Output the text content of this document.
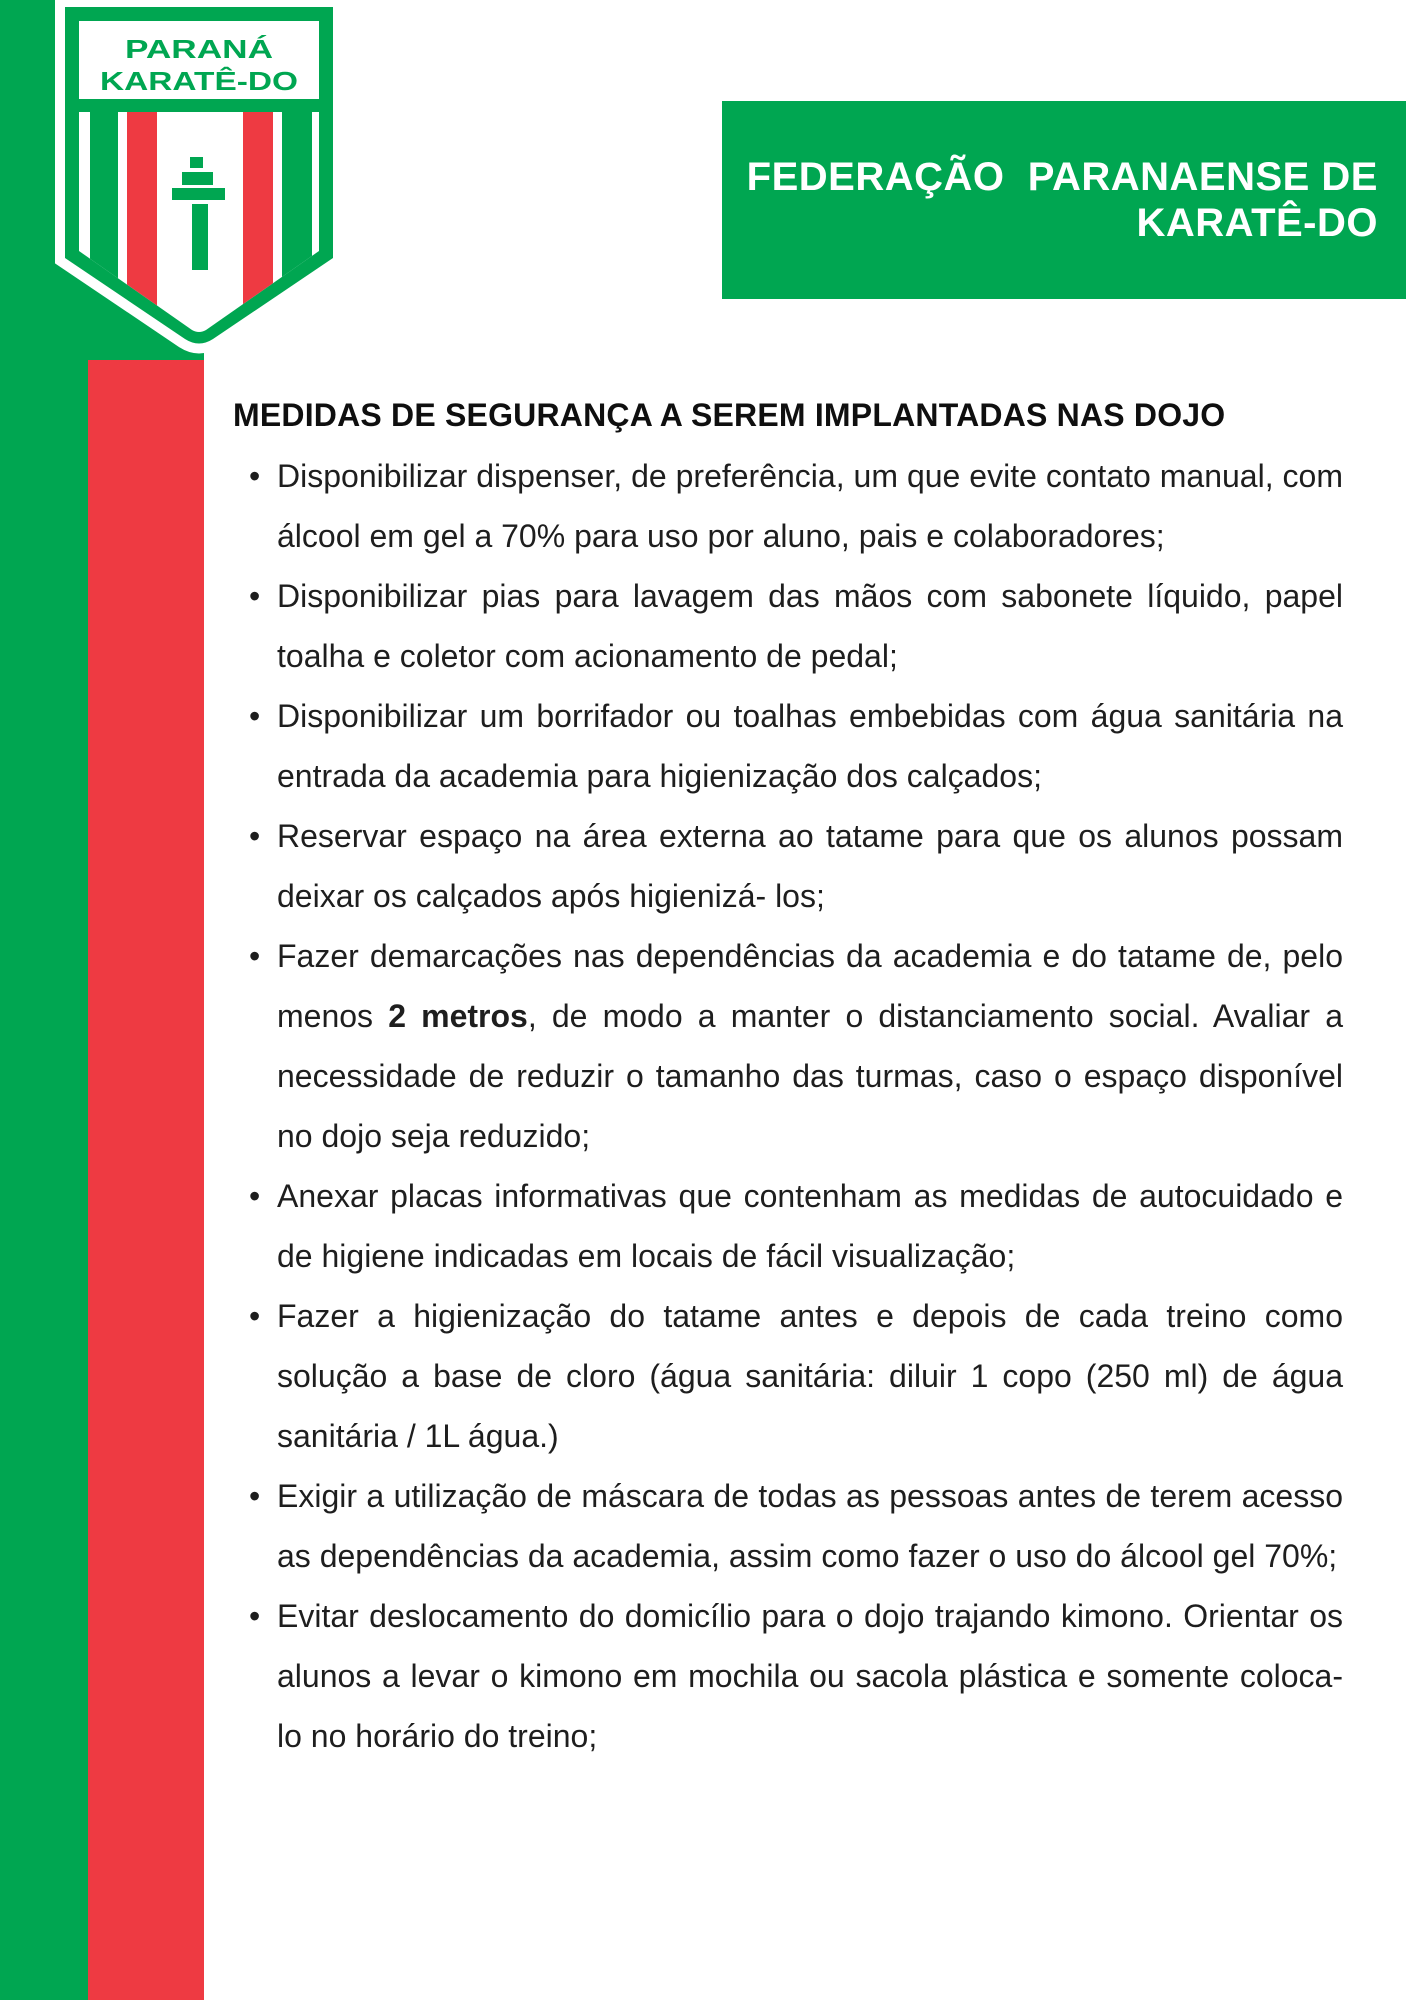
PARANÁ
KARATÊ-DO
FEDERAÇÃO  PARANAENSE DE
KARATÊ-DO
MEDIDAS DE SEGURANÇA A SEREM IMPLANTADAS NAS DOJO
• Disponibilizar dispenser, de preferência, um que evite contato manual, com álcool em gel a 70% para uso por aluno, pais e colaboradores;
• Disponibilizar pias para lavagem das mãos com sabonete líquido, papel toalha e coletor com acionamento de pedal;
• Disponibilizar um borrifador ou toalhas embebidas com água sanitária na entrada da academia para higienização dos calçados;
• Reservar espaço na área externa ao tatame para que os alunos possam deixar os calçados após higienizá- los;
• Fazer demarcações nas dependências da academia e do tatame de, pelo menos 2 metros, de modo a manter o distanciamento social. Avaliar a necessidade de reduzir o tamanho das turmas, caso o espaço disponível no dojo seja reduzido;
• Anexar placas informativas que contenham as medidas de autocuidado e de higiene indicadas em locais de fácil visualização;
• Fazer a higienização do tatame antes e depois de cada treino como solução a base de cloro (água sanitária: diluir 1 copo (250 ml) de água sanitária / 1L água.)
• Exigir a utilização de máscara de todas as pessoas antes de terem acesso as dependências da academia, assim como fazer o uso do álcool gel 70%;
• Evitar deslocamento do domicílio para o dojo trajando kimono. Orientar os alunos a levar o kimono em mochila ou sacola plástica e somente coloca-lo no horário do treino;
